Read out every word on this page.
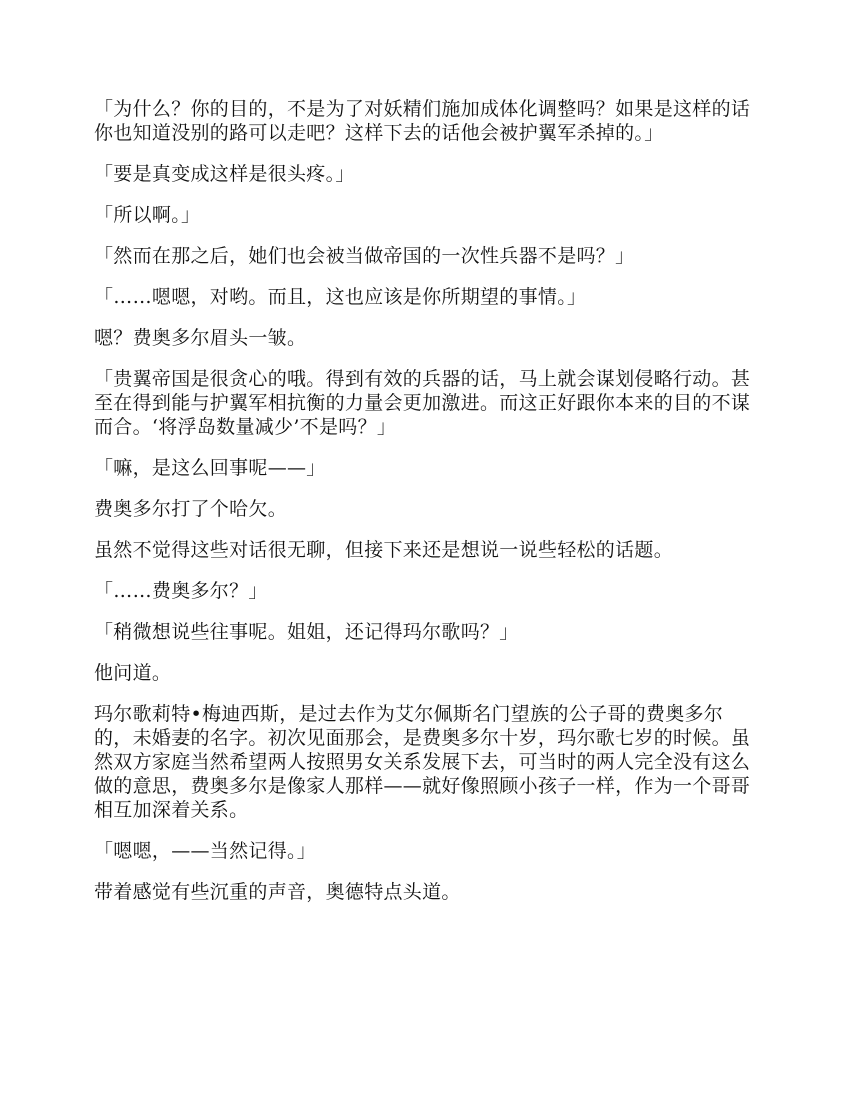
「为什么？你的目的，不是为了对妖精们施加成体化调整吗？如果是这样的话你也知道没别的路可以走吧？这样下去的话他会被护翼军杀掉的。」

「要是真变成这样是很头疼。」

「所以啊。」

「然而在那之后，她们也会被当做帝国的一次性兵器不是吗？」

「……嗯嗯，对哟。而且，这也应该是你所期望的事情。」

嗯？费奥多尔眉头一皱。

「贵翼帝国是很贪心的哦。得到有效的兵器的话，马上就会谋划侵略行动。甚至在得到能与护翼军相抗衡的力量会更加激进。而这正好跟你本来的目的不谋而合。‘将浮岛数量减少’不是吗？」

「嘛，是这么回事呢——」

费奥多尔打了个哈欠。

虽然不觉得这些对话很无聊，但接下来还是想说一说些轻松的话题。

「……费奥多尔？」

「稍微想说些往事呢。姐姐，还记得玛尔歌吗？」

他问道。

玛尔歌莉特•梅迪西斯，是过去作为艾尔佩斯名门望族的公子哥的费奥多尔的，未婚妻的名字。初次见面那会，是费奥多尔十岁，玛尔歌七岁的时候。虽然双方家庭当然希望两人按照男女关系发展下去，可当时的两人完全没有这么做的意思，费奥多尔是像家人那样——就好像照顾小孩子一样，作为一个哥哥相互加深着关系。

「嗯嗯，——当然记得。」

带着感觉有些沉重的声音，奥德特点头道。
